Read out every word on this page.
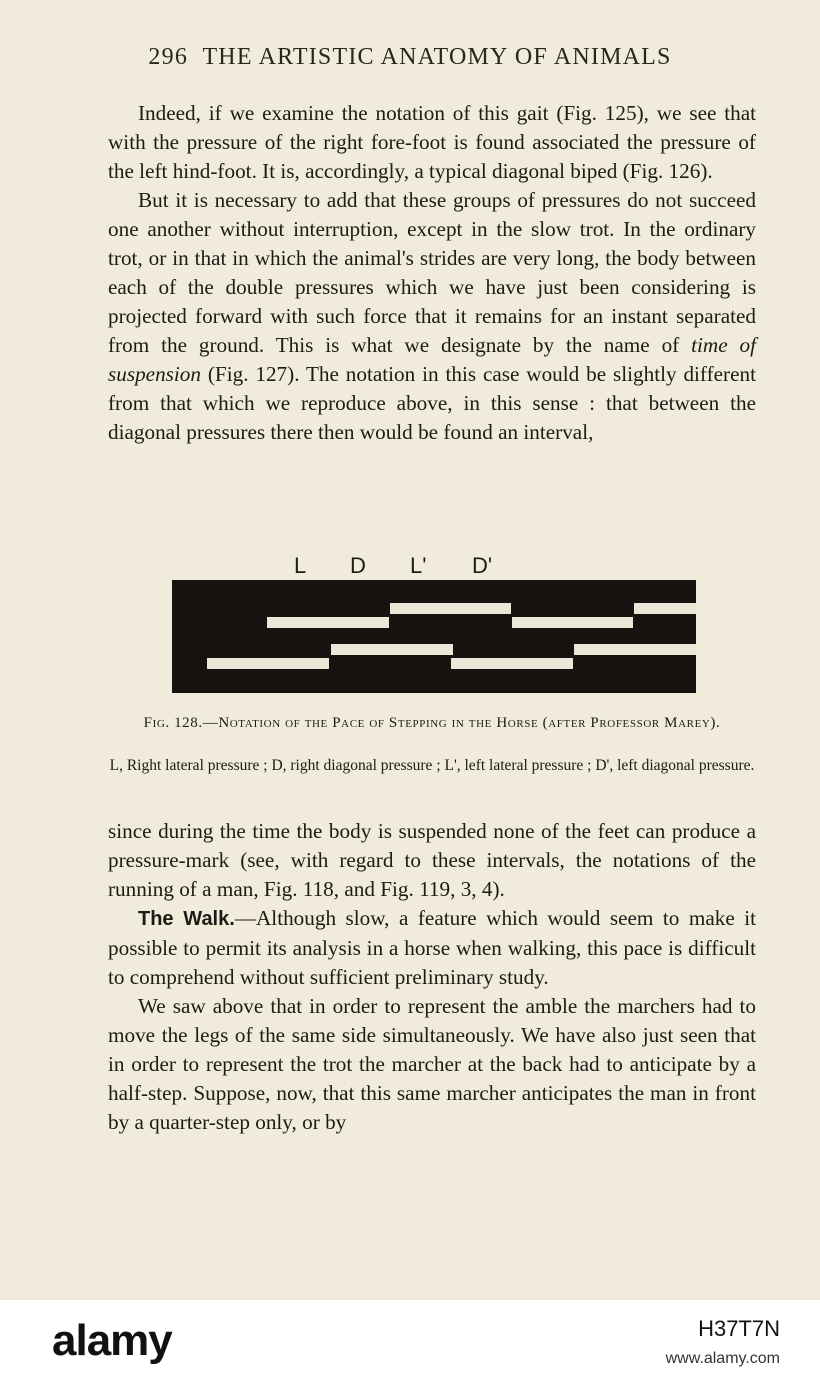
296 THE ARTISTIC ANATOMY OF ANIMALS

Indeed, if we examine the notation of this gait (Fig. 125), we see that with the pressure of the right fore-foot is found associated the pressure of the left hind-foot. It is, accordingly, a typical diagonal biped (Fig. 126).

But it is necessary to add that these groups of pressures do not succeed one another without interruption, except in the slow trot. In the ordinary trot, or in that in which the animal's strides are very long, the body between each of the double pressures which we have just been considering is projected forward with such force that it remains for an instant separated from the ground. This is what we designate by the name of time of suspension (Fig. 127). The notation in this case would be slightly different from that which we reproduce above, in this sense : that between the diagonal pressures there then would be found an interval,

L D L' D'
Fig. 128.—Notation of the Pace of Stepping in the Horse (after Professor Marey).
L, Right lateral pressure ; D, right diagonal pressure ; L', left lateral pressure ; D', left diagonal pressure.

since during the time the body is suspended none of the feet can produce a pressure-mark (see, with regard to these intervals, the notations of the running of a man, Fig. 118, and Fig. 119, 3, 4).

The Walk.—Although slow, a feature which would seem to make it possible to permit its analysis in a horse when walking, this pace is difficult to comprehend without sufficient preliminary study.

We saw above that in order to represent the amble the marchers had to move the legs of the same side simultaneously. We have also just seen that in order to represent the trot the marcher at the back had to anticipate by a half-step. Suppose, now, that this same marcher anticipates the man in front by a quarter-step only, or by

alamy	H37T7N
www.alamy.com
